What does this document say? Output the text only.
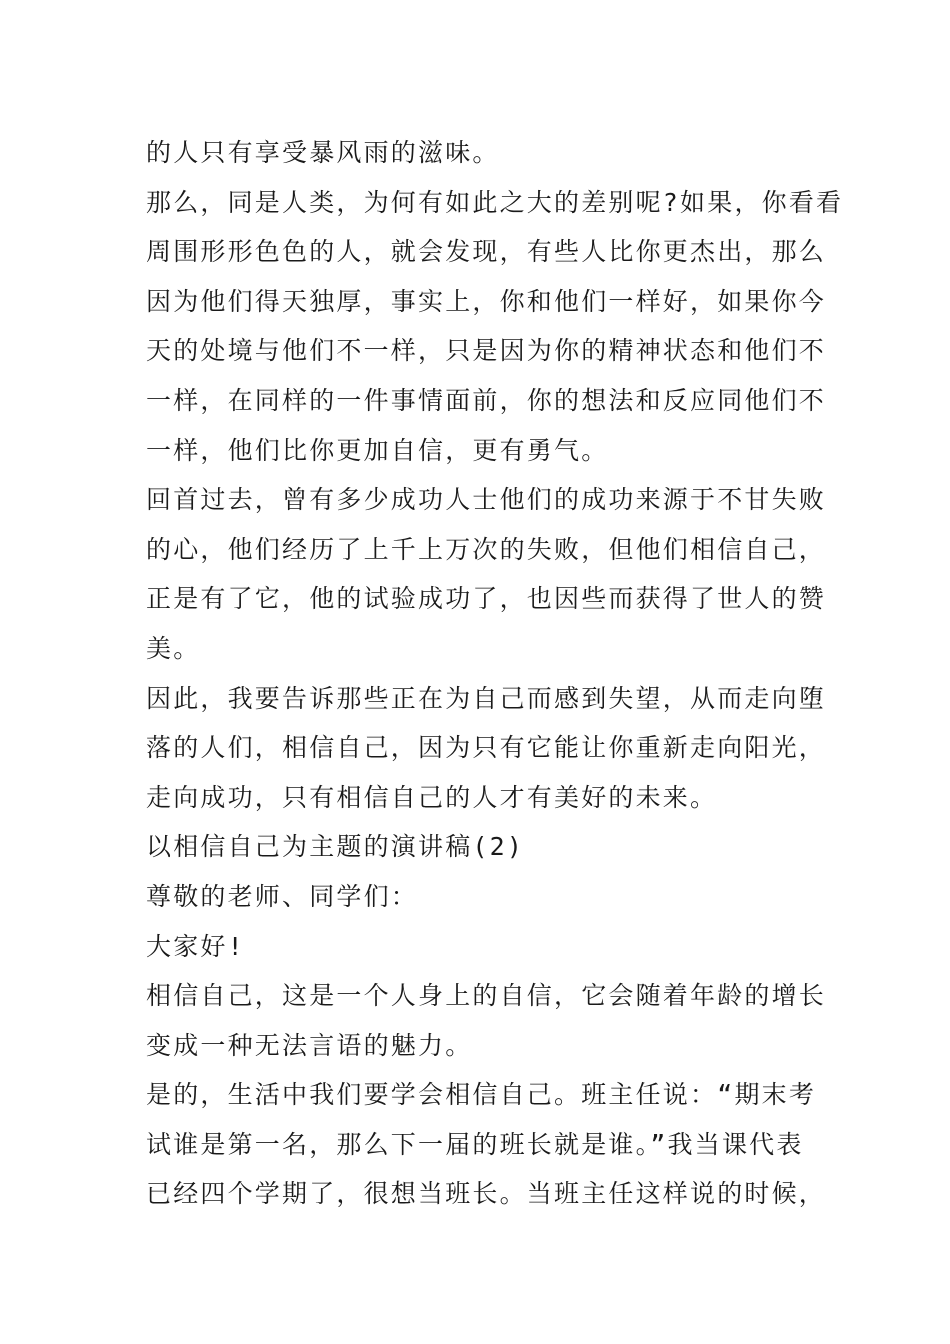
的人只有享受暴风雨的滋味。
那么，同是人类，为何有如此之大的差别呢?如果，你看看
周围形形色色的人，就会发现，有些人比你更杰出，那么
因为他们得天独厚，事实上，你和他们一样好，如果你今
天的处境与他们不一样，只是因为你的精神状态和他们不
一样，在同样的一件事情面前，你的想法和反应同他们不
一样，他们比你更加自信，更有勇气。
回首过去，曾有多少成功人士他们的成功来源于不甘失败
的心，他们经历了上千上万次的失败，但他们相信自己，
正是有了它，他的试验成功了，也因些而获得了世人的赞
美。
因此，我要告诉那些正在为自己而感到失望，从而走向堕
落的人们，相信自己，因为只有它能让你重新走向阳光，
走向成功，只有相信自己的人才有美好的未来。
以相信自己为主题的演讲稿(2)
尊敬的老师、同学们：
大家好!
相信自己，这是一个人身上的自信，它会随着年龄的增长
变成一种无法言语的魅力。
是的，生活中我们要学会相信自己。班主任说：“期末考
试谁是第一名，那么下一届的班长就是谁。”我当课代表
已经四个学期了，很想当班长。当班主任这样说的时候，
